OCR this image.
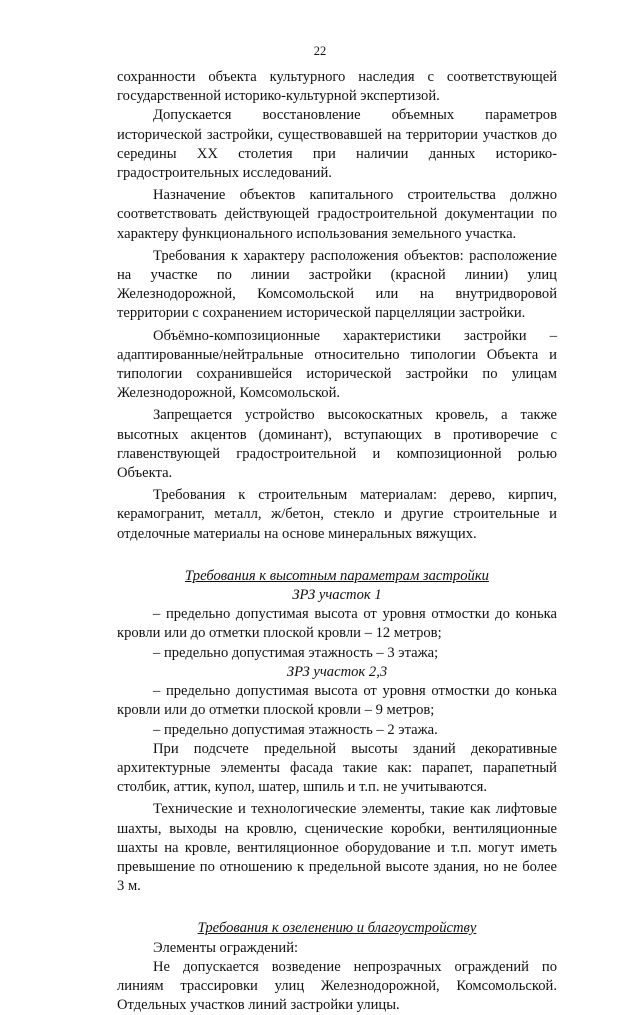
22

сохранности объекта культурного наследия с соответствующей государственной историко-культурной экспертизой.

Допускается восстановление объемных параметров исторической застройки, существовавшей на территории участков до середины XX столетия при наличии данных историко-градостроительных исследований.

Назначение объектов капитального строительства должно соответствовать действующей градостроительной документации по характеру функционального использования земельного участка.

Требования к характеру расположения объектов: расположение на участке по линии застройки (красной линии) улиц Железнодорожной, Комсомольской или на внутридворовой территории с сохранением исторической парцелляции застройки.

Объёмно-композиционные характеристики застройки – адаптированные/нейтральные относительно типологии Объекта и типологии сохранившейся исторической застройки по улицам Железнодорожной, Комсомольской.

Запрещается устройство высокоскатных кровель, а также высотных акцентов (доминант), вступающих в противоречие с главенствующей градостроительной и композиционной ролью Объекта.

Требования к строительным материалам: дерево, кирпич, керамогранит, металл, ж/бетон, стекло и другие строительные и отделочные материалы на основе минеральных вяжущих.

Требования к высотным параметрам застройки

ЗРЗ участок 1

– предельно допустимая высота от уровня отмостки до конька кровли или до отметки плоской кровли – 12 метров;

– предельно допустимая этажность – 3 этажа;

ЗРЗ участок 2,3

– предельно допустимая высота от уровня отмостки до конька кровли или до отметки плоской кровли – 9 метров;

– предельно допустимая этажность – 2 этажа.

При подсчете предельной высоты зданий декоративные архитектурные элементы фасада такие как: парапет, парапетный столбик, аттик, купол, шатер, шпиль и т.п. не учитываются.

Технические и технологические элементы, такие как лифтовые шахты, выходы на кровлю, сценические коробки, вентиляционные шахты на кровле, вентиляционное оборудование и т.п. могут иметь превышение по отношению к предельной высоте здания, но не более 3 м.

Требования к озеленению и благоустройству

Элементы ограждений:

Не допускается возведение непрозрачных ограждений по линиям трассировки улиц Железнодорожной, Комсомольской. Отдельных участков линий застройки улицы.
